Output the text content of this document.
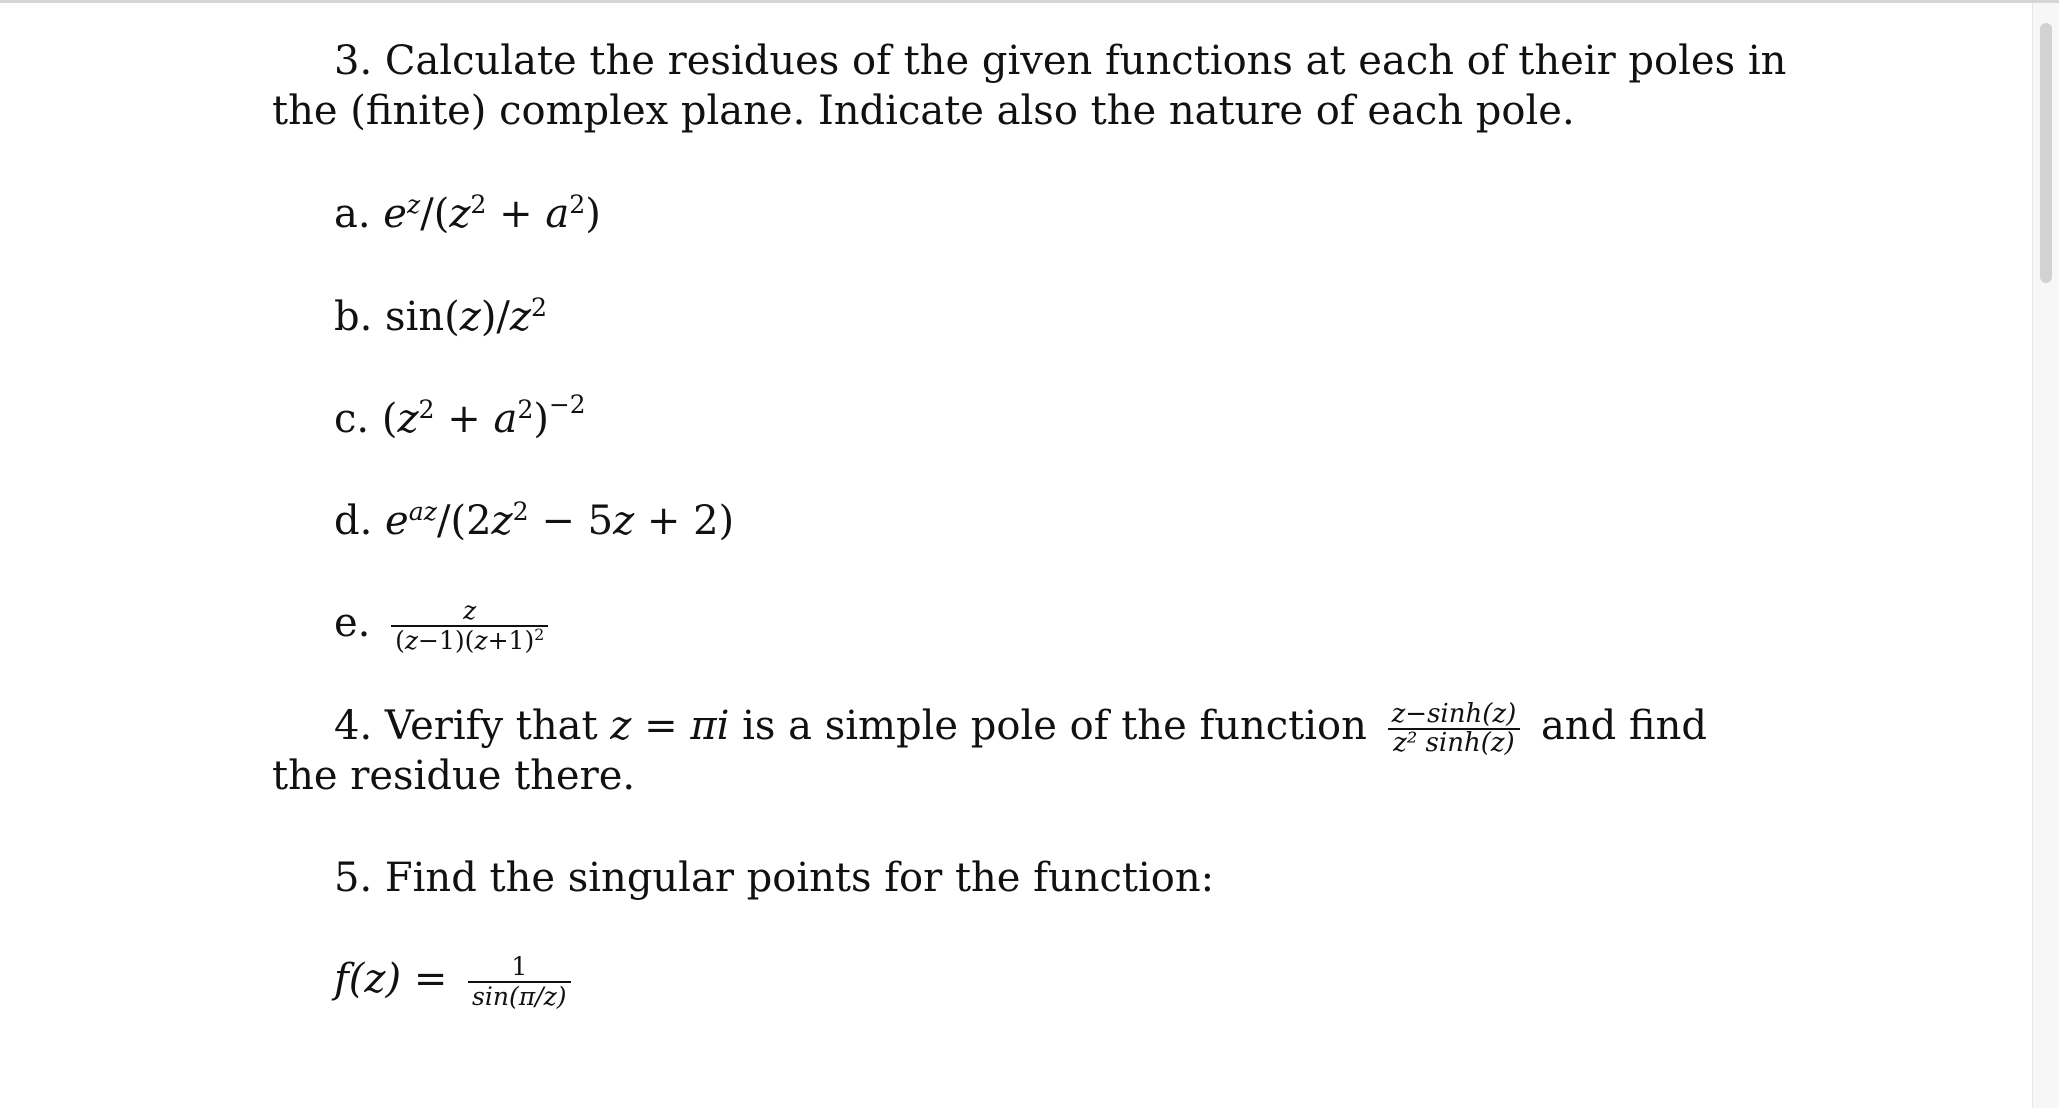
3. Calculate the residues of the given functions at each of their poles in
the (finite) complex plane. Indicate also the nature of each pole.
a. $e^z/(z^2 + a^2)$
b. $\sin(z)/z^2$
c. $(z^2 + a^2)^{-2}$
d. $e^{az}/(2z^2 - 5z + 2)$
e. $\frac{z}{(z-1)(z+1)^2}$
4. Verify that z = πi is a simple pole of the function $\frac{z-\sinh(z)}{\text{z² sinh(z)}}$ and find
the residue there.
5. Find the singular points for the function:
$f(z) = \frac{1}{\sin(\pi/z)}$
